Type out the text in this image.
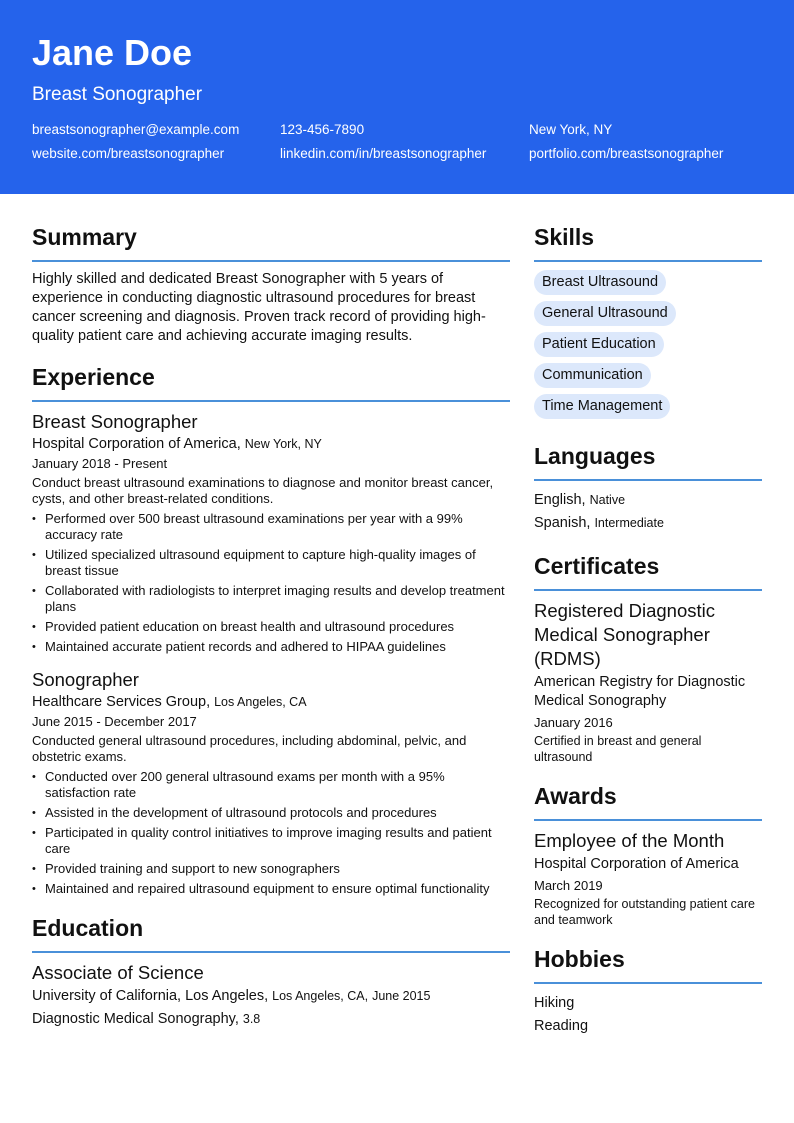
Jane Doe
Breast Sonographer
breastsonographer@example.com	123-456-7890	New York, NY
website.com/breastsonographer	linkedin.com/in/breastsonographer	portfolio.com/breastsonographer
Summary
Highly skilled and dedicated Breast Sonographer with 5 years of experience in conducting diagnostic ultrasound procedures for breast cancer screening and diagnosis. Proven track record of providing high-quality patient care and achieving accurate imaging results.
Experience
Breast Sonographer
Hospital Corporation of America, New York, NY
January 2018 - Present
Conduct breast ultrasound examinations to diagnose and monitor breast cancer, cysts, and other breast-related conditions.
• Performed over 500 breast ultrasound examinations per year with a 99% accuracy rate
• Utilized specialized ultrasound equipment to capture high-quality images of breast tissue
• Collaborated with radiologists to interpret imaging results and develop treatment plans
• Provided patient education on breast health and ultrasound procedures
• Maintained accurate patient records and adhered to HIPAA guidelines
Sonographer
Healthcare Services Group, Los Angeles, CA
June 2015 - December 2017
Conducted general ultrasound procedures, including abdominal, pelvic, and obstetric exams.
• Conducted over 200 general ultrasound exams per month with a 95% satisfaction rate
• Assisted in the development of ultrasound protocols and procedures
• Participated in quality control initiatives to improve imaging results and patient care
• Provided training and support to new sonographers
• Maintained and repaired ultrasound equipment to ensure optimal functionality
Education
Associate of Science
University of California, Los Angeles, Los Angeles, CA, June 2015
Diagnostic Medical Sonography, 3.8
Skills
Breast Ultrasound
General Ultrasound
Patient Education
Communication
Time Management
Languages
English, Native
Spanish, Intermediate
Certificates
Registered Diagnostic Medical Sonographer (RDMS)
American Registry for Diagnostic Medical Sonography
January 2016
Certified in breast and general ultrasound
Awards
Employee of the Month
Hospital Corporation of America
March 2019
Recognized for outstanding patient care and teamwork
Hobbies
Hiking
Reading
